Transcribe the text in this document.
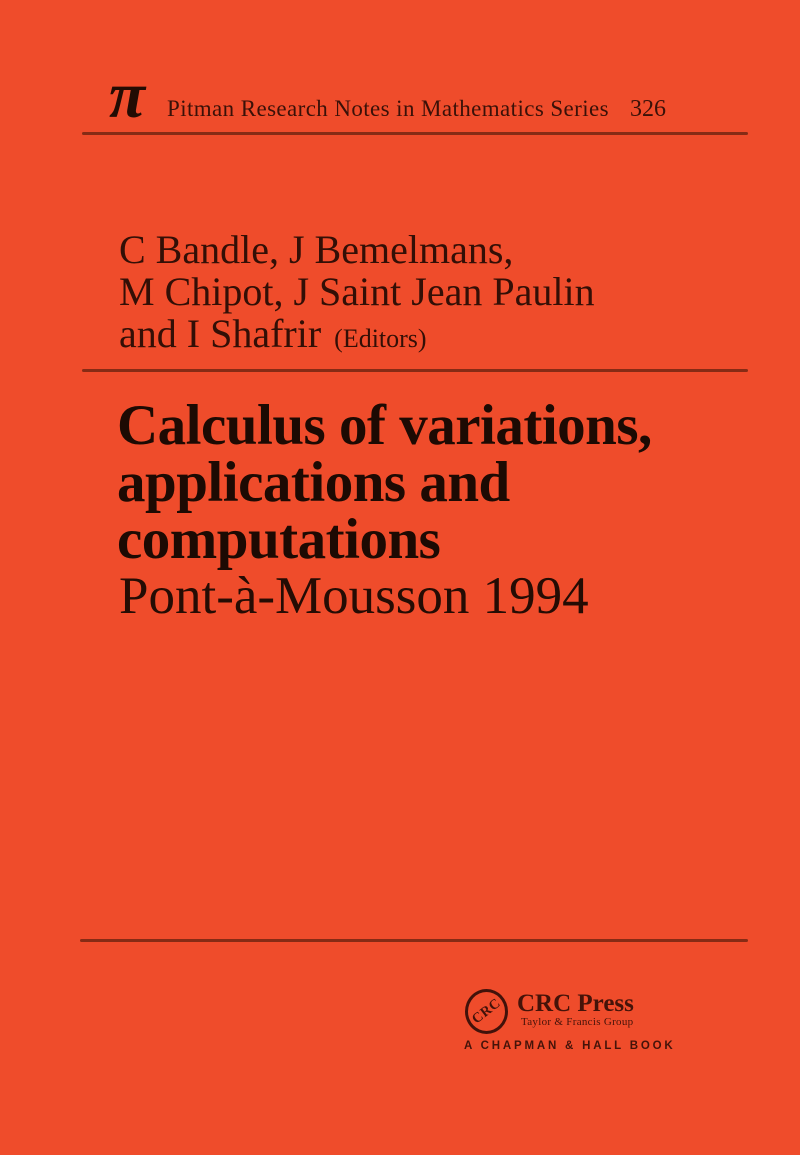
π Pitman Research Notes in Mathematics Series 326
C Bandle, J Bemelmans,
M Chipot, J Saint Jean Paulin
and I Shafrir (Editors)
Calculus of variations,
applications and
computations
Pont-à-Mousson 1994
CRC CRC Press
Taylor & Francis Group
A CHAPMAN & HALL BOOK
